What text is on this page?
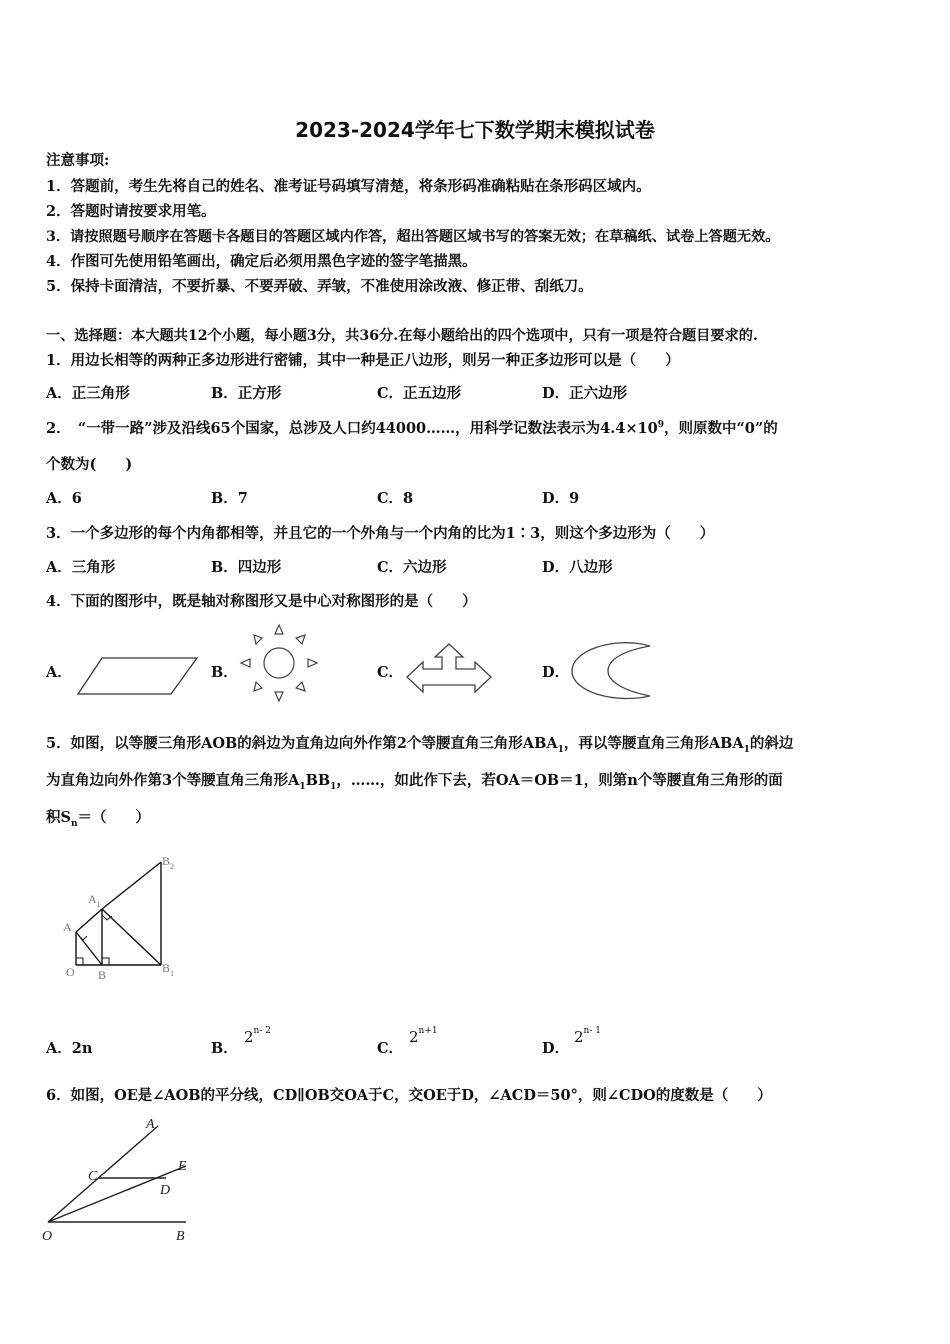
2023-2024学年七下数学期末模拟试卷
注意事项:
1．答题前，考生先将自己的姓名、准考证号码填写清楚，将条形码准确粘贴在条形码区域内。
2．答题时请按要求用笔。
3．请按照题号顺序在答题卡各题目的答题区域内作答，超出答题区域书写的答案无效；在草稿纸、试卷上答题无效。
4．作图可先使用铅笔画出，确定后必须用黑色字迹的签字笔描黑。
5．保持卡面清洁，不要折暴、不要弄破、弄皱，不准使用涂改液、修正带、刮纸刀。
一、选择题：本大题共12个小题，每小题3分，共36分.在每小题给出的四个选项中，只有一项是符合题目要求的.
1．用边长相等的两种正多边形进行密铺，其中一种是正八边形，则另一种正多边形可以是（　　）
A．正三角形	B．正方形	C．正五边形	D．正六边形
2．　“一带一路”涉及沿线65个国家，总涉及人口约44000……，用科学记数法表示为$4.4\times 10^9$，则原数中“0”的
个数为(　　)
A．6	B．7	C．8	D．9
3．一个多边形的每个内角都相等，并且它的一个外角与一个内角的比为1∶3，则这个多边形为（　　）
A．三角形	B．四边形	C．六边形	D．八边形
4．下面的图形中，既是轴对称图形又是中心对称图形的是（　　）
A．	B．	C．	D．
5．如图，以等腰三角形AOB的斜边为直角边向外作第2个等腰直角三角形$ABA_1$，再以等腰直角三角形$ABA_1$的斜边
为直角边向外作第3个等腰直角三角形$A_1BB_1$，……，如此作下去，若OA＝OB＝1，则第n个等腰直角三角形的面
积$S_n=$（　　）
$B_2$
$A_1$
A
O B	$B_1$
A．2n	B．
2$^{n- 2}$
C．
$2^{n+1}$
D．
2$^{n- 1}$
6．如图，OE是∠AOB的平分线，CD∥OB交OA于C，交OE于D，∠ACD＝50°，则∠CDO的度数是（　　）
A
E
C
D
O	B
